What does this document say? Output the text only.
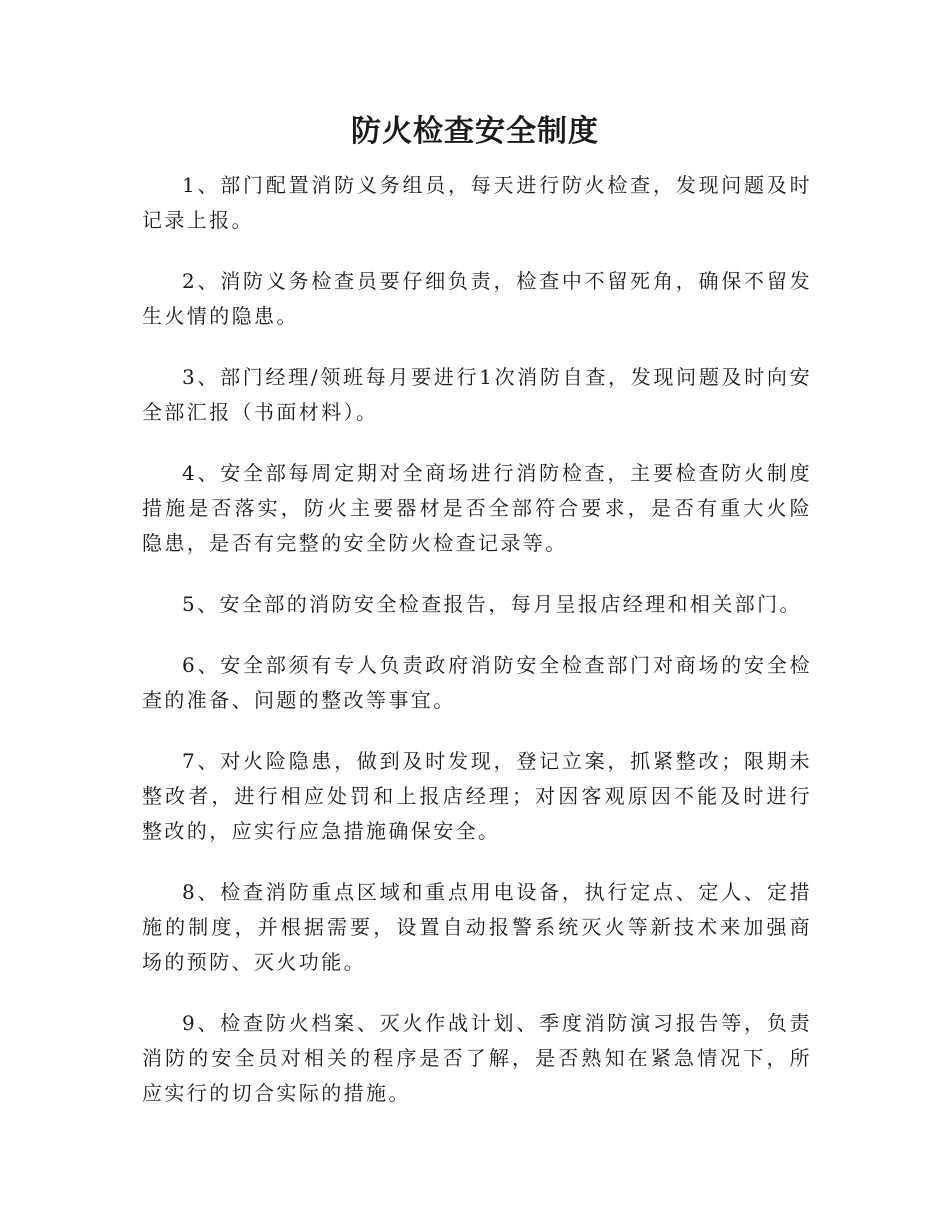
防火检查安全制度

1、部门配置消防义务组员，每天进行防火检查，发现问题及时记录上报。

2、消防义务检查员要仔细负责，检查中不留死角，确保不留发生火情的隐患。

3、部门经理/领班每月要进行1次消防自查，发现问题及时向安全部汇报（书面材料）。

4、安全部每周定期对全商场进行消防检查，主要检查防火制度措施是否落实，防火主要器材是否全部符合要求，是否有重大火险隐患，是否有完整的安全防火检查记录等。

5、安全部的消防安全检查报告，每月呈报店经理和相关部门。

6、安全部须有专人负责政府消防安全检查部门对商场的安全检查的准备、问题的整改等事宜。

7、对火险隐患，做到及时发现，登记立案，抓紧整改；限期未整改者，进行相应处罚和上报店经理；对因客观原因不能及时进行整改的，应实行应急措施确保安全。

8、检查消防重点区域和重点用电设备，执行定点、定人、定措施的制度，并根据需要，设置自动报警系统灭火等新技术来加强商场的预防、灭火功能。

9、检查防火档案、灭火作战计划、季度消防演习报告等，负责消防的安全员对相关的程序是否了解，是否熟知在紧急情况下，所应实行的切合实际的措施。
